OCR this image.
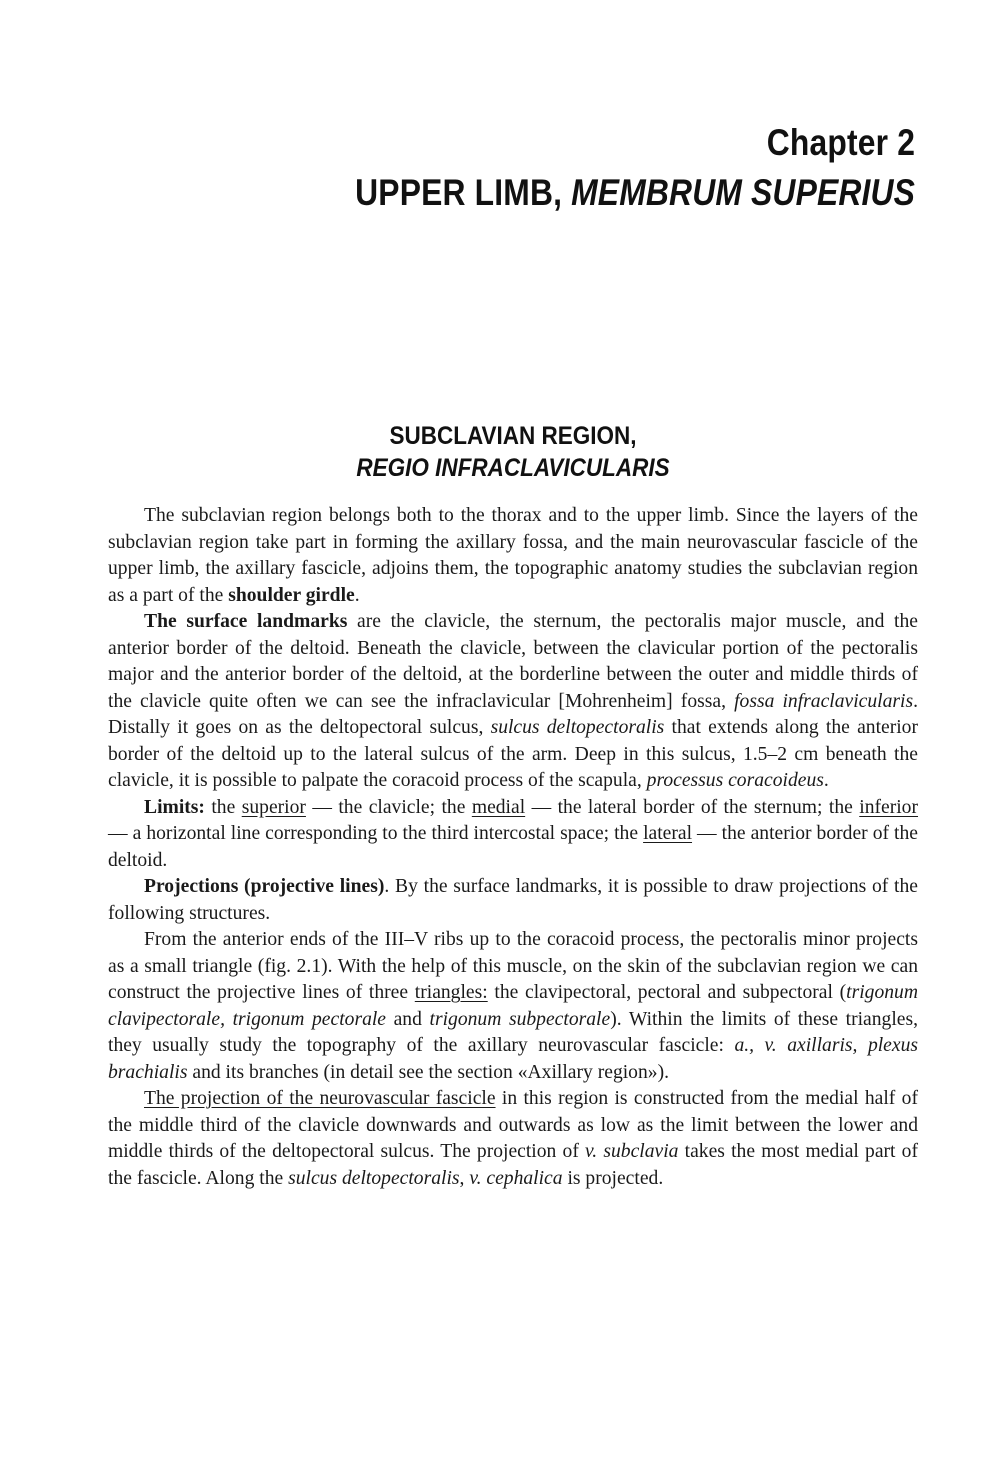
Chapter 2
UPPER LIMB, MEMBRUM SUPERIUS
SUBCLAVIAN REGION,
REGIO INFRACLAVICULARIS

The subclavian region belongs both to the thorax and to the upper limb. Since the layers of the subclavian region take part in forming the axillary fossa, and the main neurovascular fascicle of the upper limb, the axillary fascicle, adjoins them, the topographic anatomy studies the subclavian region as a part of the shoulder girdle.

The surface landmarks are the clavicle, the sternum, the pectoralis major muscle, and the anterior border of the deltoid. Beneath the clavicle, between the clavicular portion of the pectoralis major and the anterior border of the deltoid, at the borderline between the outer and middle thirds of the clavicle quite often we can see the infraclavicular [Mohrenheim] fossa, fossa infraclavicularis. Distally it goes on as the deltopectoral sulcus, sulcus deltopectoralis that extends along the anterior border of the deltoid up to the lateral sulcus of the arm. Deep in this sulcus, 1.5–2 cm beneath the clavicle, it is possible to palpate the coracoid process of the scapula, processus coracoideus.

Limits: the superior — the clavicle; the medial — the lateral border of the sternum; the inferior — a horizontal line corresponding to the third intercostal space; the lateral — the anterior border of the deltoid.

Projections (projective lines). By the surface landmarks, it is possible to draw projections of the following structures.

From the anterior ends of the III–V ribs up to the coracoid process, the pectoralis minor projects as a small triangle (fig. 2.1). With the help of this muscle, on the skin of the subclavian region we can construct the projective lines of three triangles: the clavipectoral, pectoral and subpectoral (trigonum clavipectorale, trigonum pectorale and trigonum subpectorale). Within the limits of these triangles, they usually study the topography of the axillary neurovascular fascicle: a., v. axillaris, plexus brachialis and its branches (in detail see the section «Axillary region»).

The projection of the neurovascular fascicle in this region is constructed from the medial half of the middle third of the clavicle downwards and outwards as low as the limit between the lower and middle thirds of the deltopectoral sulcus. The projection of v. subclavia takes the most medial part of the fascicle. Along the sulcus deltopectoralis, v. cephalica is projected.
